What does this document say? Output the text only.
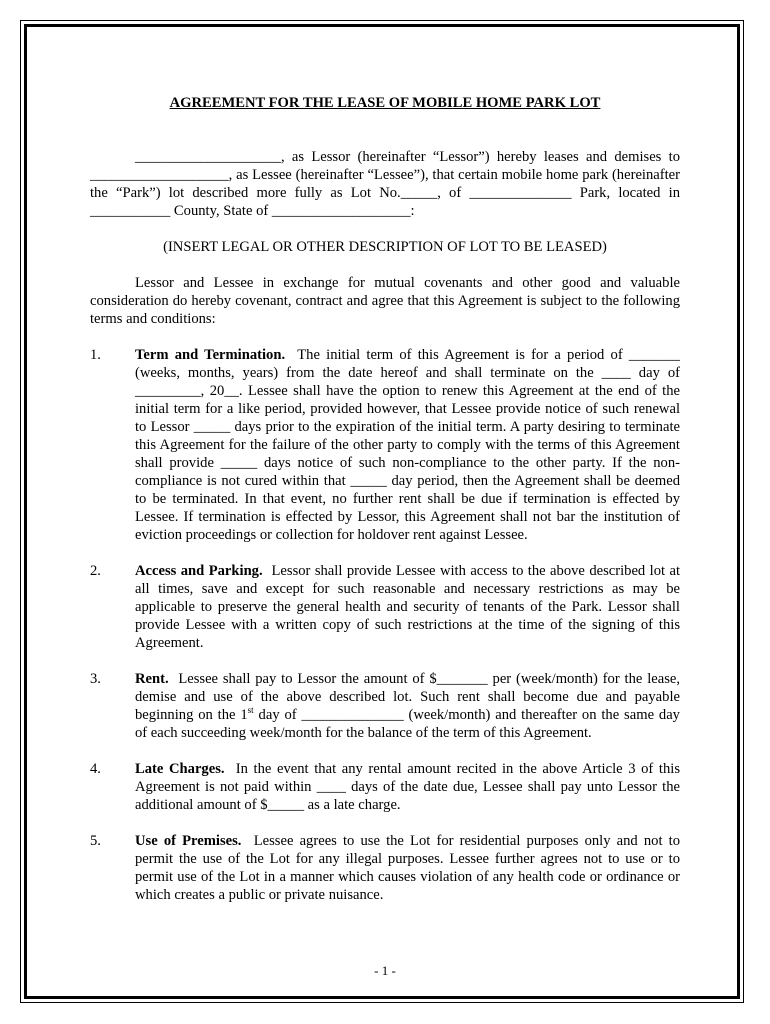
AGREEMENT FOR THE LEASE OF MOBILE HOME PARK LOT

____________________, as Lessor (hereinafter “Lessor”) hereby leases and demises to ___________________, as Lessee (hereinafter “Lessee”), that certain mobile home park (hereinafter the “Park”) lot described more fully as Lot No._____, of ______________ Park, located in ___________ County, State of ___________________:

(INSERT LEGAL OR OTHER DESCRIPTION OF LOT TO BE LEASED)

Lessor and Lessee in exchange for mutual covenants and other good and valuable consideration do hereby covenant, contract and agree that this Agreement is subject to the following terms and conditions:

1.	Term and Termination. The initial term of this Agreement is for a period of _______ (weeks, months, years) from the date hereof and shall terminate on the ____ day of _________, 20__. Lessee shall have the option to renew this Agreement at the end of the initial term for a like period, provided however, that Lessee provide notice of such renewal to Lessor _____ days prior to the expiration of the initial term. A party desiring to terminate this Agreement for the failure of the other party to comply with the terms of this Agreement shall provide _____ days notice of such non-compliance to the other party. If the non-compliance is not cured within that _____ day period, then the Agreement shall be deemed to be terminated. In that event, no further rent shall be due if termination is effected by Lessee. If termination is effected by Lessor, this Agreement shall not bar the institution of eviction proceedings or collection for holdover rent against Lessee.
2.	Access and Parking. Lessor shall provide Lessee with access to the above described lot at all times, save and except for such reasonable and necessary restrictions as may be applicable to preserve the general health and security of tenants of the Park. Lessor shall provide Lessee with a written copy of such restrictions at the time of the signing of this Agreement.
3.	Rent. Lessee shall pay to Lessor the amount of $_______ per (week/month) for the lease, demise and use of the above described lot. Such rent shall become due and payable beginning on the 1st day of ______________ (week/month) and thereafter on the same day of each succeeding week/month for the balance of the term of this Agreement.
4.	Late Charges. In the event that any rental amount recited in the above Article 3 of this Agreement is not paid within ____ days of the date due, Lessee shall pay unto Lessor the additional amount of $_____ as a late charge.
5.	Use of Premises. Lessee agrees to use the Lot for residential purposes only and not to permit the use of the Lot for any illegal purposes. Lessee further agrees not to use or to permit use of the Lot in a manner which causes violation of any health code or ordinance or which creates a public or private nuisance.
- 1 -
